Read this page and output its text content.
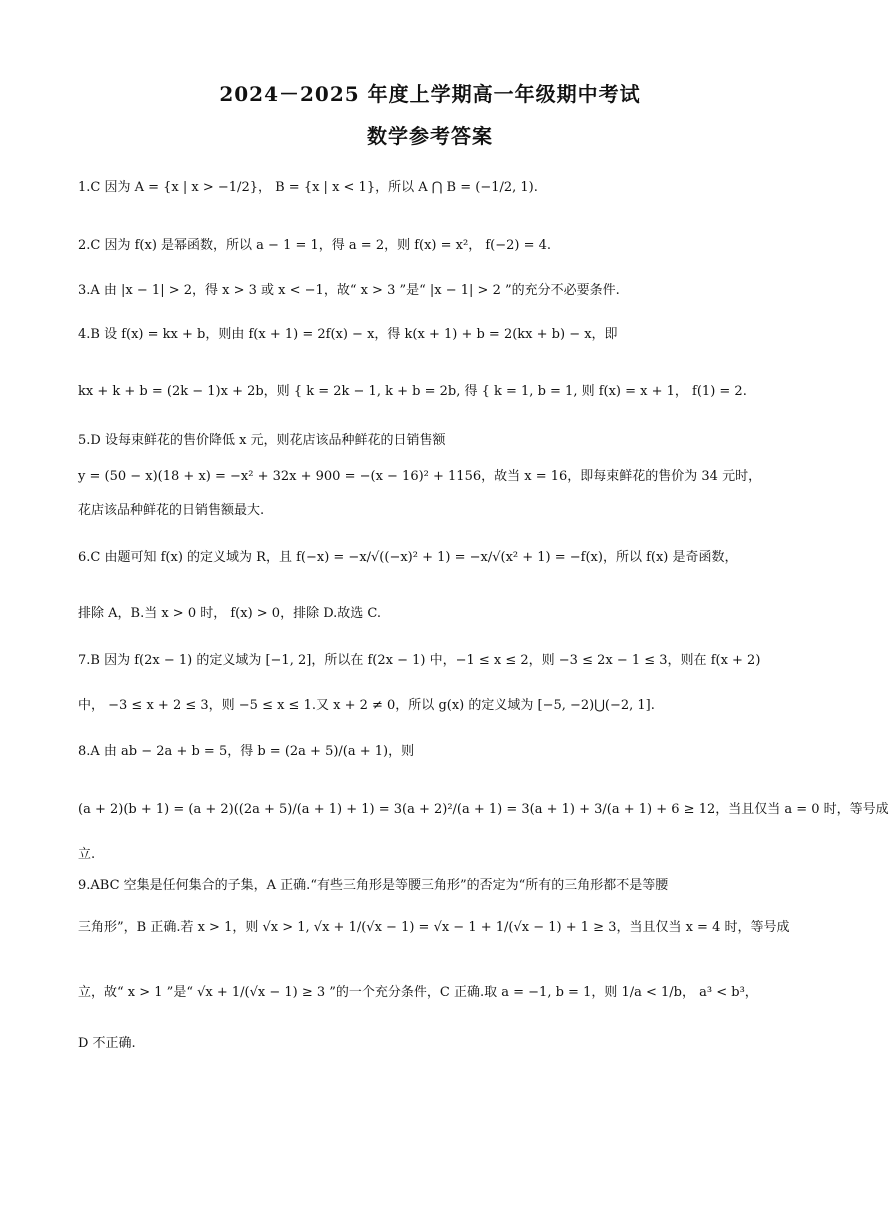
2024－2025 年度上学期高一年级期中考试
数学参考答案
1.C 因为 A = {x | x > −1/2}， B = {x | x < 1}，所以 A ⋂ B = (−1/2, 1).
2.C 因为 f(x) 是幂函数，所以 a − 1 = 1，得 a = 2，则 f(x) = x²， f(−2) = 4.
3.A 由 |x − 1| > 2，得 x > 3 或 x < −1，故“ x > 3 ”是“ |x − 1| > 2 ”的充分不必要条件.
4.B 设 f(x) = kx + b，则由 f(x + 1) = 2f(x) − x，得 k(x + 1) + b = 2(kx + b) − x，即
kx + k + b = (2k − 1)x + 2b，则 { k = 2k − 1, k + b = 2b, 得 { k = 1, b = 1, 则 f(x) = x + 1， f(1) = 2.
5.D 设每束鲜花的售价降低 x 元，则花店该品种鲜花的日销售额
y = (50 − x)(18 + x) = −x² + 32x + 900 = −(x − 16)² + 1156，故当 x = 16，即每束鲜花的售价为 34 元时，
花店该品种鲜花的日销售额最大.
6.C 由题可知 f(x) 的定义域为 R，且 f(−x) = −x/√((−x)² + 1) = −x/√(x² + 1) = −f(x)，所以 f(x) 是奇函数，
排除 A，B.当 x > 0 时， f(x) > 0，排除 D.故选 C.
7.B 因为 f(2x − 1) 的定义域为 [−1, 2]，所以在 f(2x − 1) 中，−1 ≤ x ≤ 2，则 −3 ≤ 2x − 1 ≤ 3，则在 f(x + 2)
中， −3 ≤ x + 2 ≤ 3，则 −5 ≤ x ≤ 1.又 x + 2 ≠ 0，所以 g(x) 的定义域为 [−5, −2)⋃(−2, 1].
8.A 由 ab − 2a + b = 5，得 b = (2a + 5)/(a + 1)，则
(a + 2)(b + 1) = (a + 2)((2a + 5)/(a + 1) + 1) = 3(a + 2)²/(a + 1) = 3(a + 1) + 3/(a + 1) + 6 ≥ 12，当且仅当 a = 0 时，等号成
立.
9.ABC 空集是任何集合的子集，A 正确.“有些三角形是等腰三角形”的否定为“所有的三角形都不是等腰
三角形”，B 正确.若 x > 1，则 √x > 1, √x + 1/(√x − 1) = √x − 1 + 1/(√x − 1) + 1 ≥ 3，当且仅当 x = 4 时，等号成
立，故“ x > 1 ”是“ √x + 1/(√x − 1) ≥ 3 ”的一个充分条件，C 正确.取 a = −1, b = 1，则 1/a < 1/b， a³ < b³，
D 不正确.
